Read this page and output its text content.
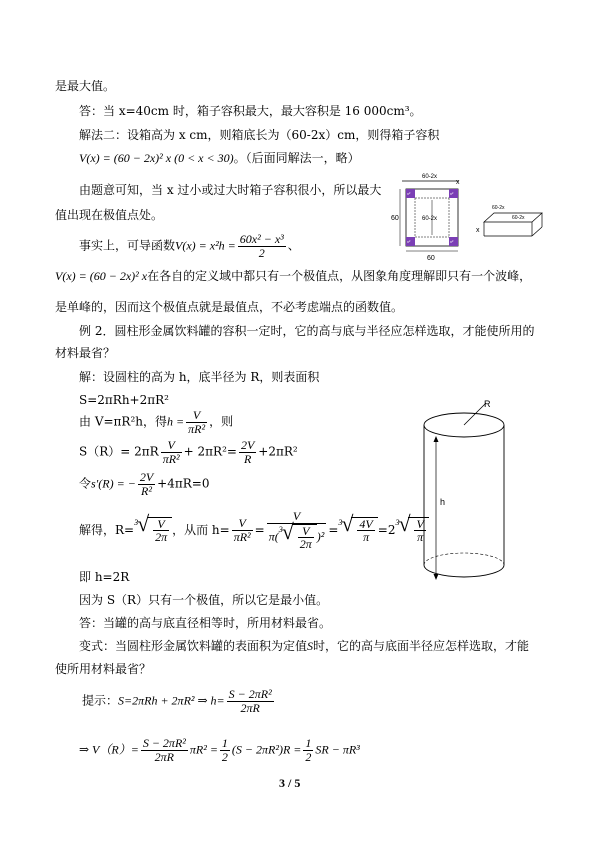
是最大值。
答：当 x=40cm 时，箱子容积最大，最大容积是 16 000cm³。
解法二：设箱高为 x cm，则箱底长为（60-2x）cm，则得箱子容积
V(x) = (60 − 2x)² x (0 < x < 30)。（后面同解法一，略）
由题意可知，当 x 过小或过大时箱子容积很小，所以最大
值出现在极值点处。
事实上，可导函数$V(x) = x^2h = \frac{\text{60x² − x³}}{2}$ 、
V(x) = (60 − 2x)² x在各自的定义域中都只有一个极值点，从图象角度理解即只有一个波峰，
是单峰的，因而这个极值点就是最值点，不必考虑端点的函数值。
例 2．圆柱形金属饮料罐的容积一定时，它的高与底与半径应怎样选取，才能使所用的
材料最省？
解：设圆柱的高为 h，底半径为 R，则表面积
S=2πRh+2πR²
由 V=πR²h，得$h = \frac{V}{\text{πR²}}$ ，则
$S(R)= 2\pi R \frac{V}{\text{πR²}} + 2\pi R^2= \frac{2V}{R} +2\pi R^2$
令s′(R) = − $\frac{2V}{\text{R²}} +4\pi R=0$
解得，R=
3 √ $\frac{V}{2\pi}$ ，从而 $h= \frac{V}{\text{πR²}} = \frac{V}{\pi( 3 √ \frac{V}{2\pi} )^2}$ =
3 √ $\frac{4V}{\pi} =2$
3 √ $\frac{V}{\pi}$
即 h=2R
因为 S（R）只有一个极值，所以它是最小值。
答：当罐的高与底直径相等时，所用材料最省。
变式：当圆柱形金属饮料罐的表面积为定值S时，它的高与底面半径应怎样选取，才能
使所用材料最省？
提示：S=2πRh + 2πR² ⇒ $h= \frac{\text{S − 2πR²}}{2\pi R}$
⇒ $V(R)= \frac{\text{S − 2πR²}}{2\pi R} \pi R^2 = \frac{1}{2} (S - 2\pi R^2)R = \frac{1}{2}$ SR − πR³
60-2x
x
x²	x²
x²	x²
60-2x
60
60
60-2x
60-2x
x
R
h
3 / 5
